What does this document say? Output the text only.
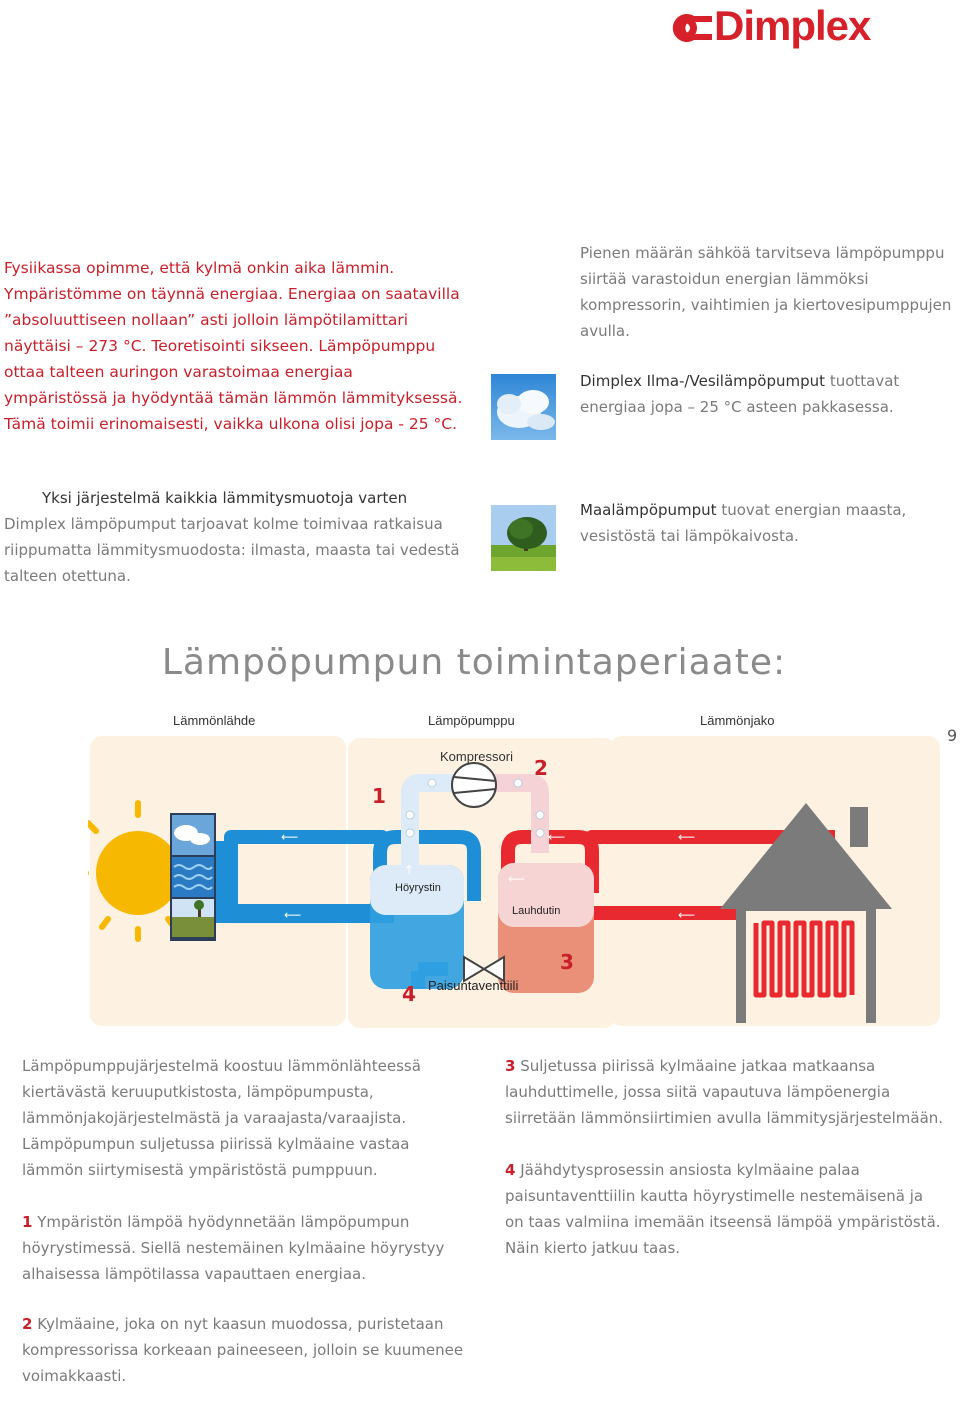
Dimplex

Fysiikassa opimme, että kylmä onkin aika lämmin.

Ympäristömme on täynnä energiaa. Energiaa on saatavilla

”absoluuttiseen nollaan” asti jolloin lämpötilamittari

näyttäisi – 273 °C. Teoretisointi sikseen. Lämpöpumppu

ottaa talteen auringon varastoimaa energiaa

ympäristössä ja hyödyntää tämän lämmön lämmityksessä.

Tämä toimii erinomaisesti, vaikka ulkona olisi jopa - 25 °C.

Pienen määrän sähköä tarvitseva lämpöpumppu

siirtää varastoidun energian lämmöksi

kompressorin, vaihtimien ja kiertovesipumppujen

avulla.

Dimplex Ilma-/Vesilämpöpumput tuottavat

energiaa jopa – 25 °C asteen pakkasessa.

Yksi järjestelmä kaikkia lämmitysmuotoja varten

Dimplex lämpöpumput tarjoavat kolme toimivaa ratkaisua

riippumatta lämmitysmuodosta: ilmasta, maasta tai vedestä

talteen otettuna.

Maalämpöpumput tuovat energian maasta,

vesistöstä tai lämpökaivosta.

Lämpöpumpun toimintaperiaate:
Lämmönlähde	Lämpöpumppu	Lämmönjako
9
Kompressori
Höyrystin
Lauhdutin
Paisuntaventtiili
⟵
⟵
↑
⟵
⟵
⟵
⟵
1
2
3
4

Lämpöpumppujärjestelmä koostuu lämmönlähteessä
kiertävästä keruuputkistosta, lämpöpumpusta,
lämmönjakojärjestelmästä ja varaajasta/varaajista.
Lämpöpumpun suljetussa piirissä kylmäaine vastaa
lämmön siirtymisestä ympäristöstä pumppuun.

1 Ympäristön lämpöä hyödynnetään lämpöpumpun
höyrystimessä. Siellä nestemäinen kylmäaine höyrystyy
alhaisessa lämpötilassa vapauttaen energiaa.

2 Kylmäaine, joka on nyt kaasun muodossa, puristetaan
kompressorissa korkeaan paineeseen, jolloin se kuumenee
voimakkaasti.

3 Suljetussa piirissä kylmäaine jatkaa matkaansa
lauhduttimelle, jossa siitä vapautuva lämpöenergia
siirretään lämmönsiirtimien avulla lämmitysjärjestelmään.

4 Jäähdytysprosessin ansiosta kylmäaine palaa
paisuntaventtiilin kautta höyrystimelle nestemäisenä ja
on taas valmiina imemään itseensä lämpöä ympäristöstä.
Näin kierto jatkuu taas.
